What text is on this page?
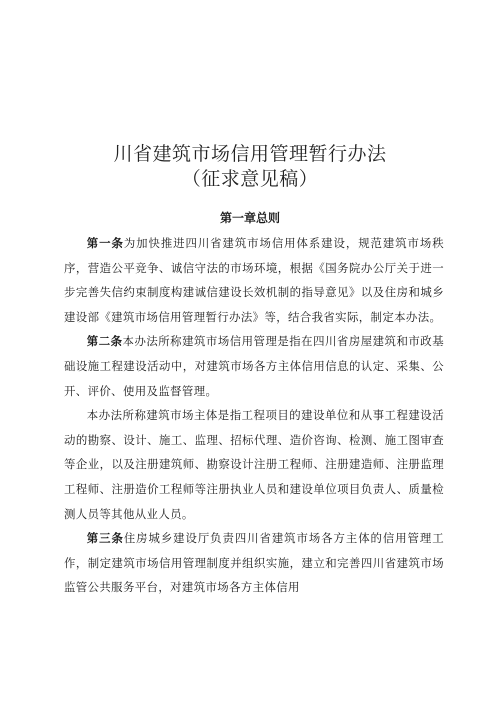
川省建筑市场信用管理暂行办法
（征求意见稿）
第一章总则

第一条为加快推进四川省建筑市场信用体系建设，规范建筑市场秩序，营造公平竞争、诚信守法的市场环境，根据《国务院办公厅关于进一步完善失信约束制度构建诚信建设长效机制的指导意见》以及住房和城乡建设部《建筑市场信用管理暂行办法》等，结合我省实际，制定本办法。

第二条本办法所称建筑市场信用管理是指在四川省房屋建筑和市政基础设施工程建设活动中，对建筑市场各方主体信用信息的认定、采集、公开、评价、使用及监督管理。

本办法所称建筑市场主体是指工程项目的建设单位和从事工程建设活动的勘察、设计、施工、监理、招标代理、造价咨询、检测、施工图审查等企业，以及注册建筑师、勘察设计注册工程师、注册建造师、注册监理工程师、注册造价工程师等注册执业人员和建设单位项目负责人、质量检测人员等其他从业人员。

第三条住房城乡建设厅负责四川省建筑市场各方主体的信用管理工作，制定建筑市场信用管理制度并组织实施，建立和完善四川省建筑市场监管公共服务平台，对建筑市场各方主体信用
